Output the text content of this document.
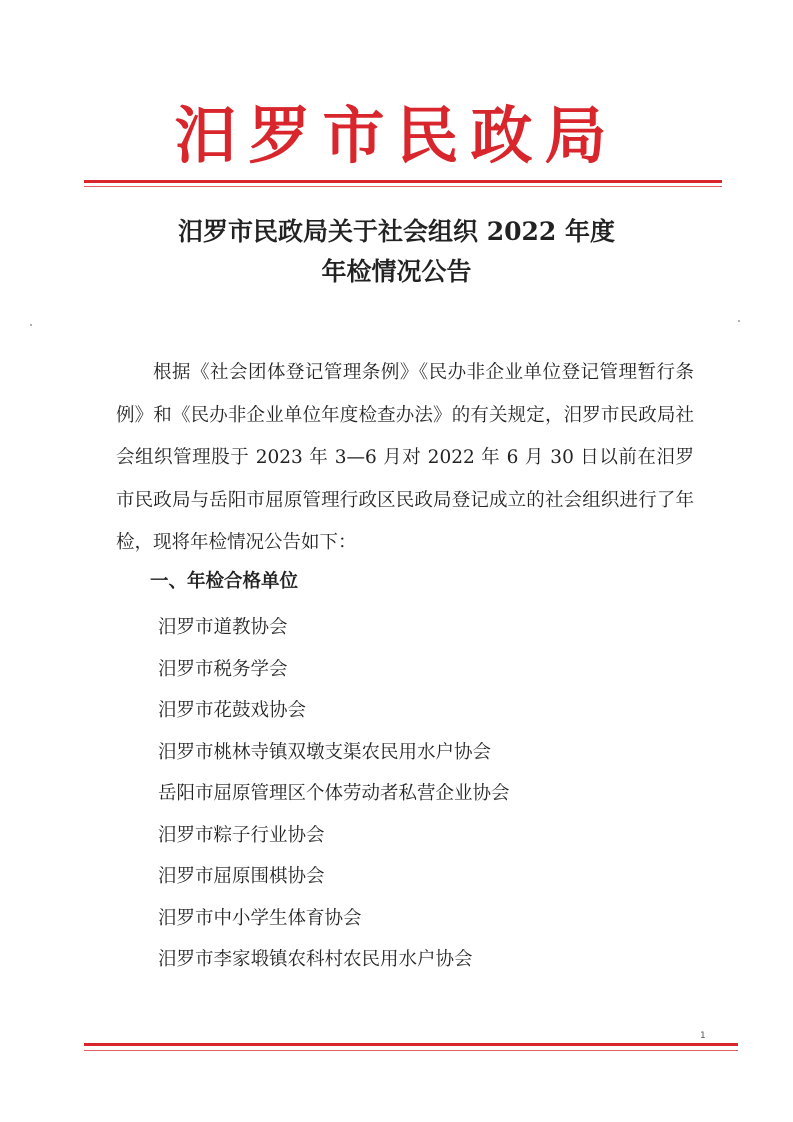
汨罗市民政局
汨罗市民政局关于社会组织 2022 年度
年检情况公告

根据《社会团体登记管理条例》《民办非企业单位登记管理暂行条例》和《民办非企业单位年度检查办法》的有关规定，汨罗市民政局社会组织管理股于 2023 年 3—6 月对 2022 年 6 月 30 日以前在汨罗市民政局与岳阳市屈原管理行政区民政局登记成立的社会组织进行了年检，现将年检情况公告如下：

一、年检合格单位
汨罗市道教协会
汨罗市税务学会
汨罗市花鼓戏协会
汨罗市桃林寺镇双墩支渠农民用水户协会
岳阳市屈原管理区个体劳动者私营企业协会
汨罗市粽子行业协会
汨罗市屈原围棋协会
汨罗市中小学生体育协会
汨罗市李家塅镇农科村农民用水户协会
1
